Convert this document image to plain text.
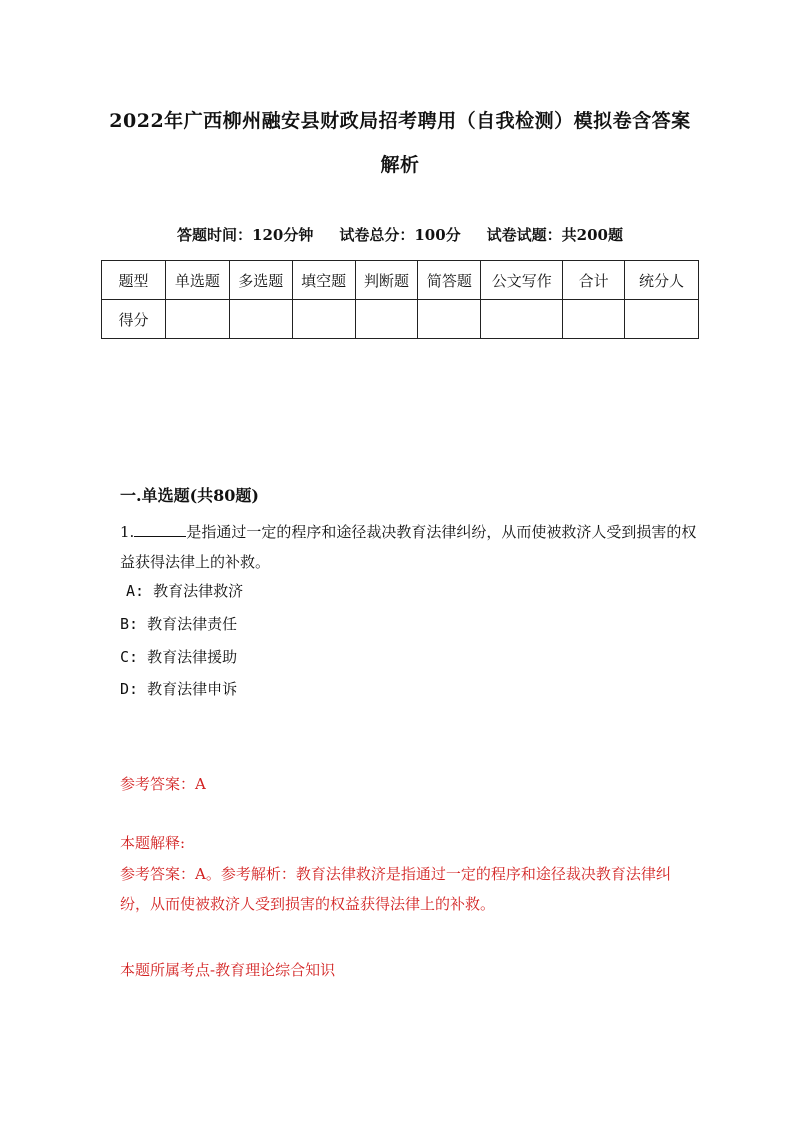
2022年广西柳州融安县财政局招考聘用（自我检测）模拟卷含答案
解析
答题时间：120分钟 试卷总分：100分 试卷试题：共200题
题型	单选题	多选题	填空题	判断题	简答题	公文写作	合计	统分人
得分								
一.单选题(共80题)
1.	是指通过一定的程序和途径裁决教育法律纠纷，从而使被救济人受到损害的权益获得法律上的补救。
A: 教育法律救济
B: 教育法律责任
C: 教育法律援助
D: 教育法律申诉
参考答案：A
本题解释:
参考答案：A。参考解析：教育法律救济是指通过一定的程序和途径裁决教育法律纠纷，从而使被救济人受到损害的权益获得法律上的补救。
本题所属考点-教育理论综合知识
